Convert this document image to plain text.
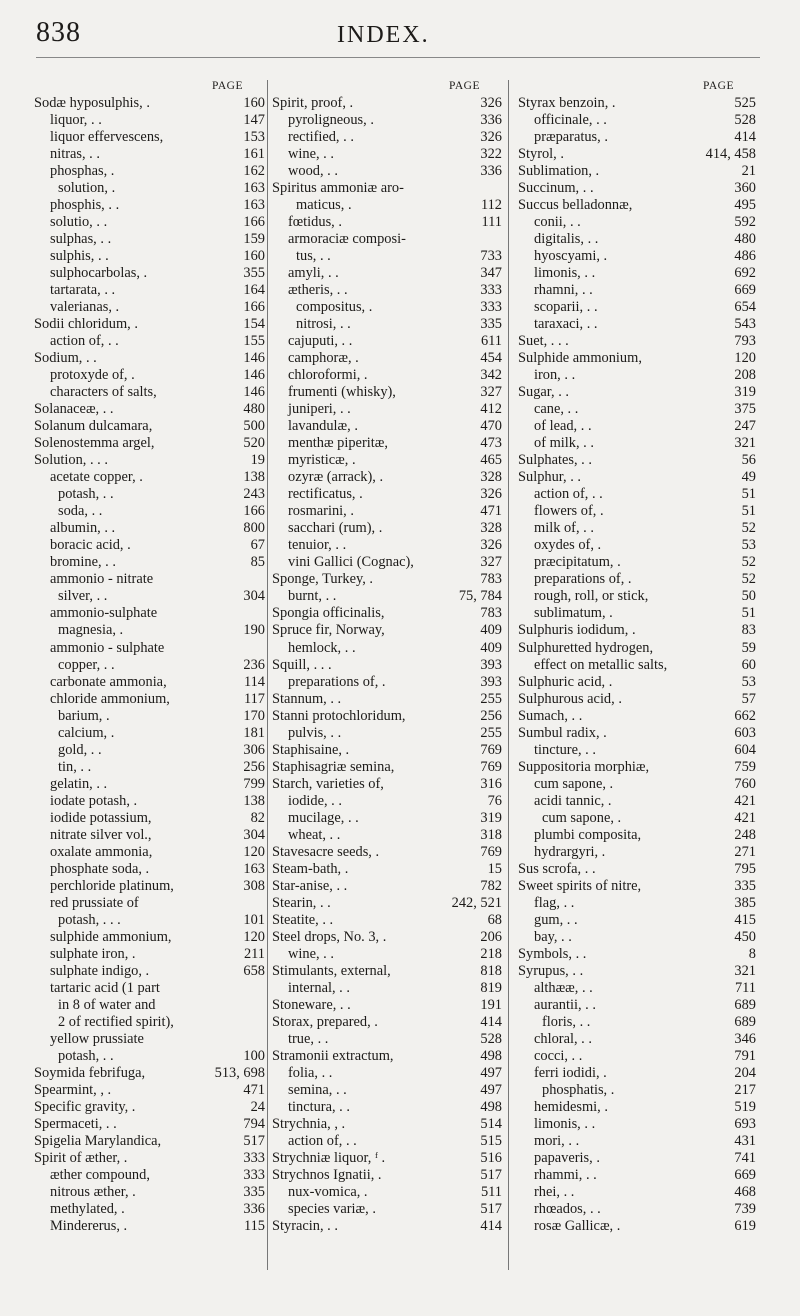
838	INDEX.
PAGE
Sodæ hyposulphis, .	160
liquor, . .	147
liquor effervescens,	153
nitras, . .	161
phosphas, .	162
solution, .	163
phosphis, . .	163
solutio, . .	166
sulphas, . .	159
sulphis, . .	160
sulphocarbolas, .	355
tartarata, . .	164
valerianas, .	166
Sodii chloridum, .	154
action of, . .	155
Sodium, . .	146
protoxyde of, .	146
characters of salts,	146
Solanaceæ, . .	480
Solanum dulcamara,	500
Solenostemma argel,	520
Solution, . . .	19
acetate copper, .	138
potash, . .	243
soda, . .	166
albumin, . .	800
boracic acid, .	67
bromine, . .	85
ammonio - nitrate
silver, . .	304
ammonio-sulphate
magnesia, .	190
ammonio - sulphate
copper, . .	236
carbonate ammonia,	114
chloride ammonium,	117
barium, .	170
calcium, .	181
gold, . .	306
tin, . .	256
gelatin, . .	799
iodate potash, .	138
iodide potassium,	82
nitrate silver vol.,	304
oxalate ammonia,	120
phosphate soda, .	163
perchloride platinum,	308
red prussiate of
potash, . . .	101
sulphide ammonium,	120
sulphate iron, .	211
sulphate indigo, .	658
tartaric acid (1 part
in 8 of water and
2 of rectified spirit),
yellow prussiate
potash, . .	100
Soymida febrifuga,	513, 698
Spearmint, , .	471
Specific gravity, .	24
Spermaceti, . .	794
Spigelia Marylandica,	517
Spirit of æther, .	333
æther compound,	333
nitrous æther, .	335
methylated, .	336
Mindererus, .	115
PAGE
Spirit, proof, .	326
pyroligneous, .	336
rectified, . .	326
wine, . .	322
wood, . .	336
Spiritus ammoniæ aro-
maticus, .	112
fœtidus, .	111
armoraciæ composi-
tus, . .	733
amyli, . .	347
ætheris, . .	333
compositus, .	333
nitrosi, . .	335
cajuputi, . .	611
camphoræ, .	454
chloroformi, .	342
frumenti (whisky),	327
juniperi, . .	412
lavandulæ, .	470
menthæ piperitæ,	473
myristicæ, .	465
ozyræ (arrack), .	328
rectificatus, .	326
rosmarini, .	471
sacchari (rum), .	328
tenuior, . .	326
vini Gallici (Cognac),	327
Sponge, Turkey, .	783
burnt, . .	75, 784
Spongia officinalis,	783
Spruce fir, Norway,	409
hemlock, . .	409
Squill, . . .	393
preparations of, .	393
Stannum, . .	255
Stanni protochloridum,	256
pulvis, . .	255
Staphisaine, .	769
Staphisagriæ semina,	769
Starch, varieties of,	316
iodide, . .	76
mucilage, . .	319
wheat, . .	318
Stavesacre seeds, .	769
Steam-bath, .	15
Star-anise, . .	782
Stearin, . .	242, 521
Steatite, . .	68
Steel drops, No. 3, .	206
wine, . .	218
Stimulants, external,	818
internal, . .	819
Stoneware, . .	191
Storax, prepared, .	414
true, . .	528
Stramonii extractum,	498
folia, . .	497
semina, . .	497
tinctura, . .	498
Strychnia, , .	514
action of, . .	515
Strychniæ liquor, ᶠ .	516
Strychnos Ignatii, .	517
nux-vomica, .	511
species variæ, .	517
Styracin, . .	414
PAGE
Styrax benzoin, .	525
officinale, . .	528
præparatus, .	414
Styrol, .	414, 458
Sublimation, .	21
Succinum, . .	360
Succus belladonnæ,	495
conii, . .	592
digitalis, . .	480
hyoscyami, .	486
limonis, . .	692
rhamni, . .	669
scoparii, . .	654
taraxaci, . .	543
Suet, . . .	793
Sulphide ammonium,	120
iron, . .	208
Sugar, . .	319
cane, . .	375
of lead, . .	247
of milk, . .	321
Sulphates, . .	56
Sulphur, . .	49
action of, . .	51
flowers of, .	51
milk of, . .	52
oxydes of, .	53
præcipitatum, .	52
preparations of, .	52
rough, roll, or stick,	50
sublimatum, .	51
Sulphuris iodidum, .	83
Sulphuretted hydrogen,	59
effect on metallic salts,	60
Sulphuric acid, .	53
Sulphurous acid, .	57
Sumach, . .	662
Sumbul radix, .	603
tincture, . .	604
Suppositoria morphiæ,	759
cum sapone, .	760
acidi tannic, .	421
cum sapone, .	421
plumbi composita,	248
hydrargyri, .	271
Sus scrofa, . .	795
Sweet spirits of nitre,	335
flag, . .	385
gum, . .	415
bay, . .	450
Symbols, . .	8
Syrupus, . .	321
althææ, . .	711
aurantii, . .	689
floris, . .	689
chloral, . .	346
cocci, . .	791
ferri iodidi, .	204
phosphatis, .	217
hemidesmi, .	519
limonis, . .	693
mori, . .	431
papaveris, .	741
rhammi, . .	669
rhei, . .	468
rhœados, . .	739
rosæ Gallicæ, .	619
